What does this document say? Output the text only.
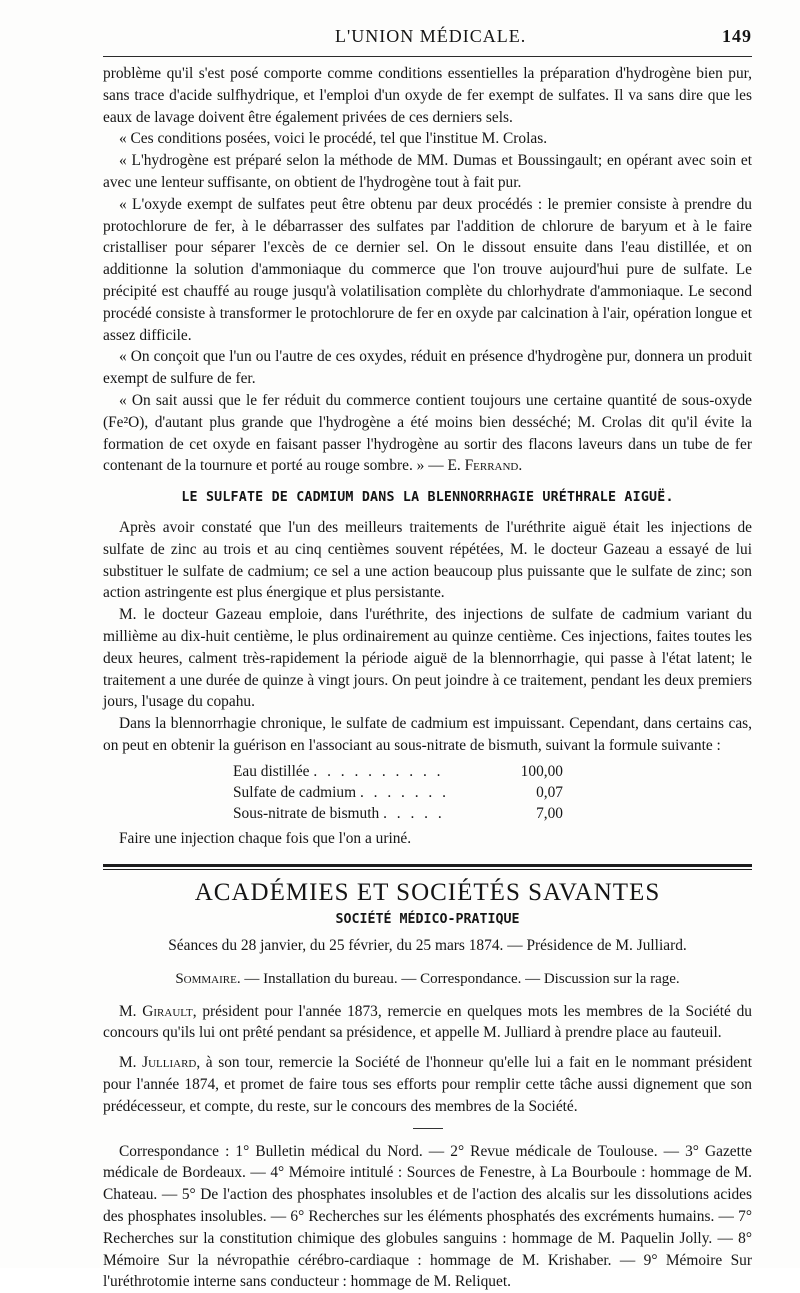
L'UNION MÉDICALE.	149

problème qu'il s'est posé comporte comme conditions essentielles la préparation d'hydrogène bien pur, sans trace d'acide sulfhydrique, et l'emploi d'un oxyde de fer exempt de sulfates. Il va sans dire que les eaux de lavage doivent être également privées de ces derniers sels.

« Ces conditions posées, voici le procédé, tel que l'institue M. Crolas.

« L'hydrogène est préparé selon la méthode de MM. Dumas et Boussingault; en opérant avec soin et avec une lenteur suffisante, on obtient de l'hydrogène tout à fait pur.

« L'oxyde exempt de sulfates peut être obtenu par deux procédés : le premier consiste à prendre du protochlorure de fer, à le débarrasser des sulfates par l'addition de chlorure de baryum et à le faire cristalliser pour séparer l'excès de ce dernier sel. On le dissout ensuite dans l'eau distillée, et on additionne la solution d'ammoniaque du commerce que l'on trouve aujourd'hui pure de sulfate. Le précipité est chauffé au rouge jusqu'à volatilisation complète du chlorhydrate d'ammoniaque. Le second procédé consiste à transformer le protochlorure de fer en oxyde par calcination à l'air, opération longue et assez difficile.

« On conçoit que l'un ou l'autre de ces oxydes, réduit en présence d'hydrogène pur, donnera un produit exempt de sulfure de fer.

« On sait aussi que le fer réduit du commerce contient toujours une certaine quantité de sous-oxyde (Fe²O), d'autant plus grande que l'hydrogène a été moins bien desséché; M. Crolas dit qu'il évite la formation de cet oxyde en faisant passer l'hydrogène au sortir des flacons laveurs dans un tube de fer contenant de la tournure et porté au rouge sombre. » — E. Ferrand.

LE SULFATE DE CADMIUM DANS LA BLENNORRHAGIE URÉTHRALE AIGUË.

Après avoir constaté que l'un des meilleurs traitements de l'uréthrite aiguë était les injections de sulfate de zinc au trois et au cinq centièmes souvent répétées, M. le docteur Gazeau a essayé de lui substituer le sulfate de cadmium; ce sel a une action beaucoup plus puissante que le sulfate de zinc; son action astringente est plus énergique et plus persistante.

M. le docteur Gazeau emploie, dans l'uréthrite, des injections de sulfate de cadmium variant du millième au dix-huit centième, le plus ordinairement au quinze centième. Ces injections, faites toutes les deux heures, calment très-rapidement la période aiguë de la blennorrhagie, qui passe à l'état latent; le traitement a une durée de quinze à vingt jours. On peut joindre à ce traitement, pendant les deux premiers jours, l'usage du copahu.

Dans la blennorrhagie chronique, le sulfate de cadmium est impuissant. Cependant, dans certains cas, on peut en obtenir la guérison en l'associant au sous-nitrate de bismuth, suivant la formule suivante :

Eau distillée . . . . . . . . . .	100,00
Sulfate de cadmium . . . . . . .	0,07
Sous-nitrate de bismuth . . . . .	7,00

Faire une injection chaque fois que l'on a uriné.

ACADÉMIES ET SOCIÉTÉS SAVANTES
SOCIÉTÉ MÉDICO-PRATIQUE
Séances du 28 janvier, du 25 février, du 25 mars 1874. — Présidence de M. Julliard.
Sommaire. — Installation du bureau. — Correspondance. — Discussion sur la rage.

M. Girault, président pour l'année 1873, remercie en quelques mots les membres de la Société du concours qu'ils lui ont prêté pendant sa présidence, et appelle M. Julliard à prendre place au fauteuil.

M. Julliard, à son tour, remercie la Société de l'honneur qu'elle lui a fait en le nommant président pour l'année 1874, et promet de faire tous ses efforts pour remplir cette tâche aussi dignement que son prédécesseur, et compte, du reste, sur le concours des membres de la Société.

Correspondance : 1° Bulletin médical du Nord. — 2° Revue médicale de Toulouse. — 3° Gazette médicale de Bordeaux. — 4° Mémoire intitulé : Sources de Fenestre, à La Bourboule : hommage de M. Chateau. — 5° De l'action des phosphates insolubles et de l'action des alcalis sur les dissolutions acides des phosphates insolubles. — 6° Recherches sur les éléments phosphatés des excréments humains. — 7° Recherches sur la constitution chimique des globules sanguins : hommage de M. Paquelin Jolly. — 8° Mémoire Sur la névropathie cérébro-cardiaque : hommage de M. Krishaber. — 9° Mémoire Sur l'uréthrotomie interne sans conducteur : hommage de M. Reliquet.
